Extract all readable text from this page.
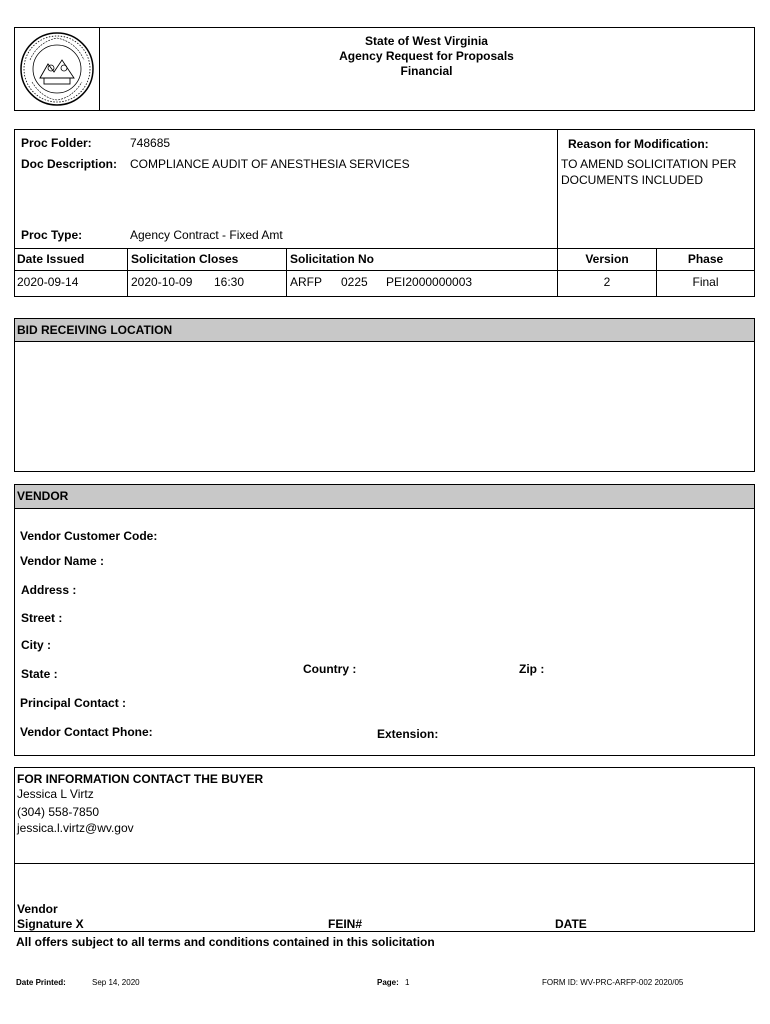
State of West Virginia
Agency Request for Proposals
Financial
Proc Folder:	748685
Doc Description: COMPLIANCE AUDIT OF ANESTHESIA SERVICES
Proc Type:	Agency Contract - Fixed Amt
Reason for Modification:
TO AMEND SOLICITATION PER
DOCUMENTS INCLUDED
Date Issued	Solicitation Closes	Solicitation No	Version	Phase
2020-09-14	2020-10-09 16:30	ARFP 0225 PEI2000000003	2	Final
BID RECEIVING LOCATION
VENDOR
Vendor Customer Code:
Vendor Name :
Address :
Street :
City :
State :	Country :	Zip :
Principal Contact :
Vendor Contact Phone:	Extension:
FOR INFORMATION CONTACT THE BUYER
Jessica L Virtz
(304) 558-7850
jessica.l.virtz@wv.gov
Vendor
Signature X	FEIN#	DATE
All offers subject to all terms and conditions contained in this solicitation
Date Printed:	Sep 14, 2020	Page: 1	FORM ID: WV-PRC-ARFP-002 2020/05
